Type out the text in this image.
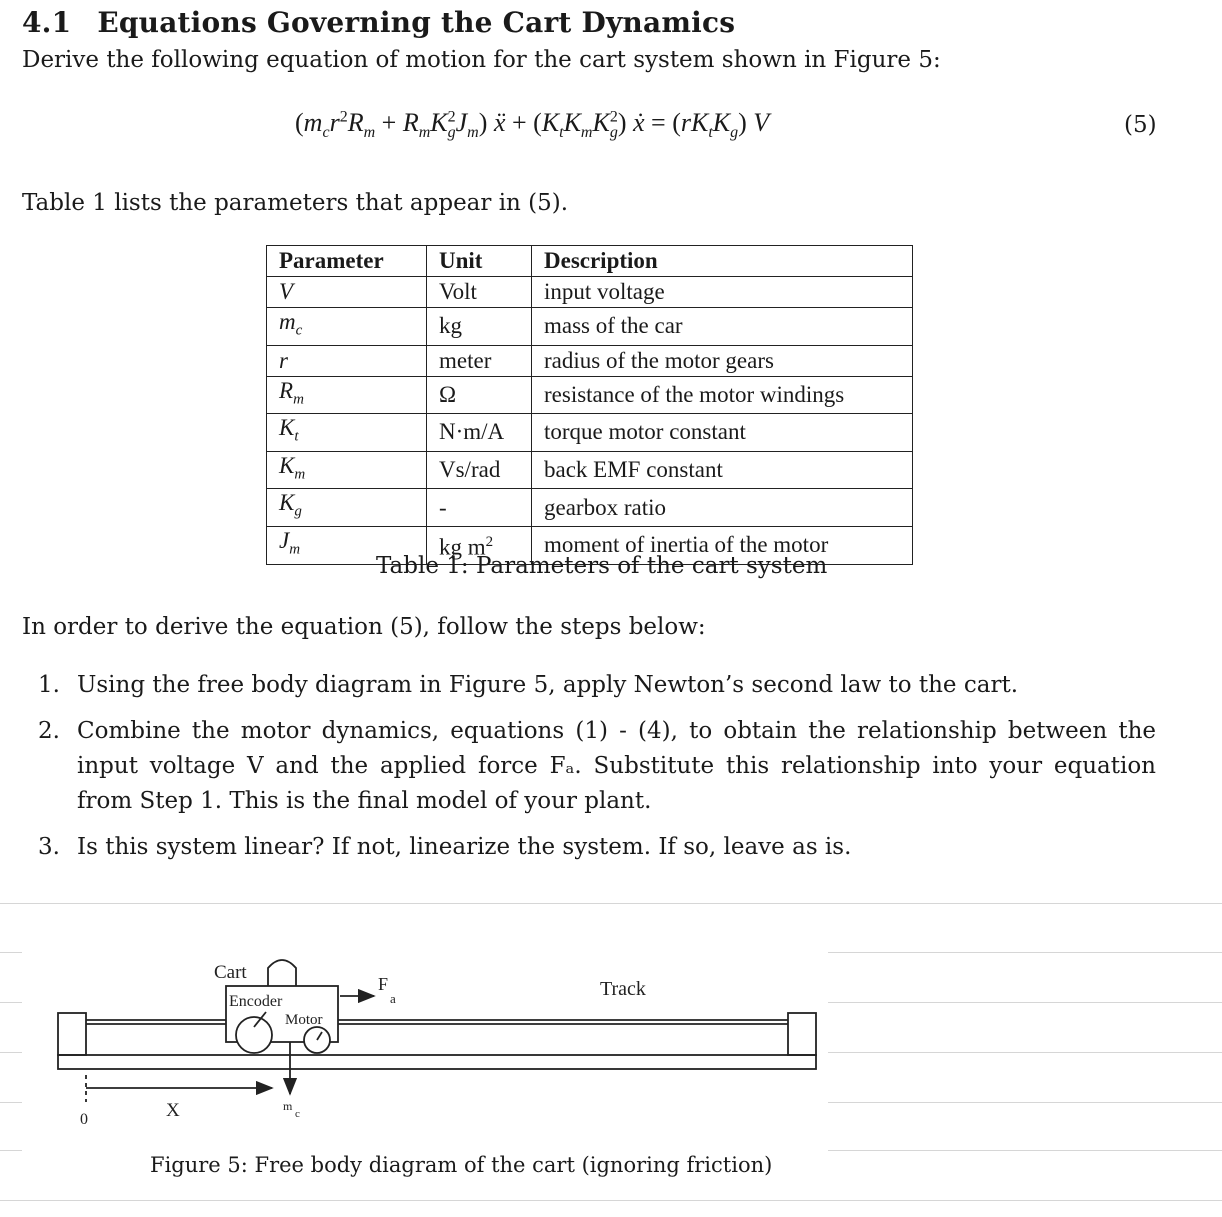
4.1 Equations Governing the Cart Dynamics
Derive the following equation of motion for the cart system shown in Figure 5:
$(m_cr^2R_m + R_mK^2_gJ_m)$ ẍ + $(K_tK_mK^2_g)$ ẋ = $(rK_tK_g)$ V	(5)
Table 1 lists the parameters that appear in (5).
Parameter	Unit	Description
V	Volt	input voltage
$m_c$	kg	mass of the car
r	meter	radius of the motor gears
$R_m$	Ω	resistance of the motor windings
$K_t$	N·m/A	torque motor constant
$K_m$	Vs/rad	back EMF constant
$K_g$	-	gearbox ratio
$J_m$	kg $m^2$	moment of inertia of the motor
Table 1: Parameters of the cart system
In order to derive the equation (5), follow the steps below:
1. Using the free body diagram in Figure 5, apply Newton’s second law to the cart.
2. Combine the motor dynamics, equations (1) - (4), to obtain the relationship between the input voltage V and the applied force Fₐ. Substitute this relationship into your equation from Step 1. This is the final model of your plant.
3. Is this system linear? If not, linearize the system. If so, leave as is.
Cart
Encoder
Motor
Track
F
a
X
0
m
c
Figure 5: Free body diagram of the cart (ignoring friction)
